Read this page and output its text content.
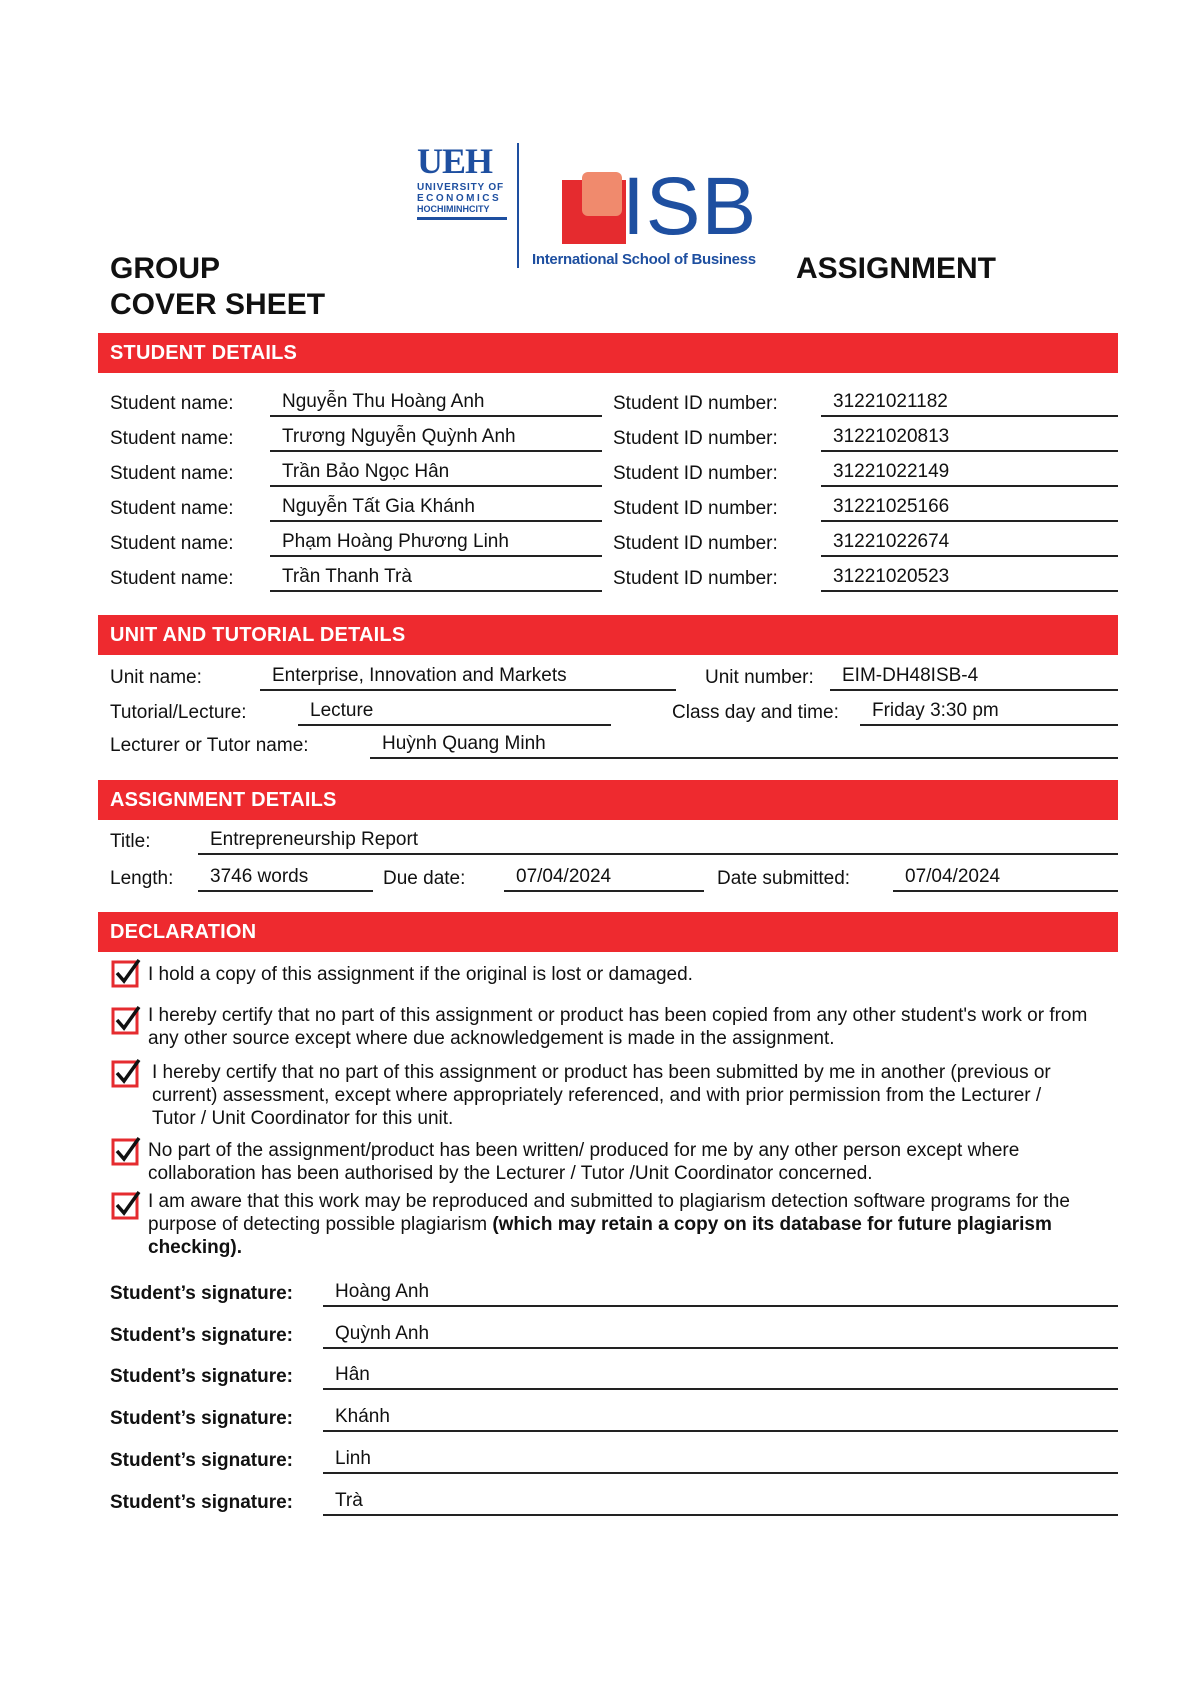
UEH
UNIVERSITY OF
ECONOMICS
HOCHIMINHCITY ISB
International School of Business
GROUP
COVER SHEET
ASSIGNMENT
STUDENT DETAILS
Student name:	Nguyễn Thu Hoàng Anh	Student ID number:	31221021182
Student name:	Trương Nguyễn Quỳnh Anh	Student ID number:	31221020813
Student name:	Trần Bảo Ngọc Hân	Student ID number:	31221022149
Student name:	Nguyễn Tất Gia Khánh	Student ID number:	31221025166
Student name:	Phạm Hoàng Phương Linh	Student ID number:	31221022674
Student name:	Trần Thanh Trà	Student ID number:	31221020523
UNIT AND TUTORIAL DETAILS
Unit name:	Enterprise, Innovation and Markets	Unit number:	EIM-DH48ISB-4
Tutorial/Lecture:	Lecture	Class day and time:	Friday 3:30 pm
Lecturer or Tutor name:	Huỳnh Quang Minh
ASSIGNMENT DETAILS
Title:	Entrepreneurship Report
Length:	3746 words	Due date:	07/04/2024	Date submitted:	07/04/2024
DECLARATION
I hold a copy of this assignment if the original is lost or damaged.
I hereby certify that no part of this assignment or product has been copied from any other student's work or from any other source except where due acknowledgement is made in the assignment.
I hereby certify that no part of this assignment or product has been submitted by me in another (previous or current) assessment, except where appropriately referenced, and with prior permission from the Lecturer / Tutor / Unit Coordinator for this unit.
No part of the assignment/product has been written/ produced for me by any other person except where collaboration has been authorised by the Lecturer / Tutor /Unit Coordinator concerned.
I am aware that this work may be reproduced and submitted to plagiarism detection software programs for the purpose of detecting possible plagiarism (which may retain a copy on its database for future plagiarism checking).
Student’s signature:	Hoàng Anh
Student’s signature:	Quỳnh Anh
Student’s signature:	Hân
Student’s signature:	Khánh
Student’s signature:	Linh
Student’s signature:	Trà
